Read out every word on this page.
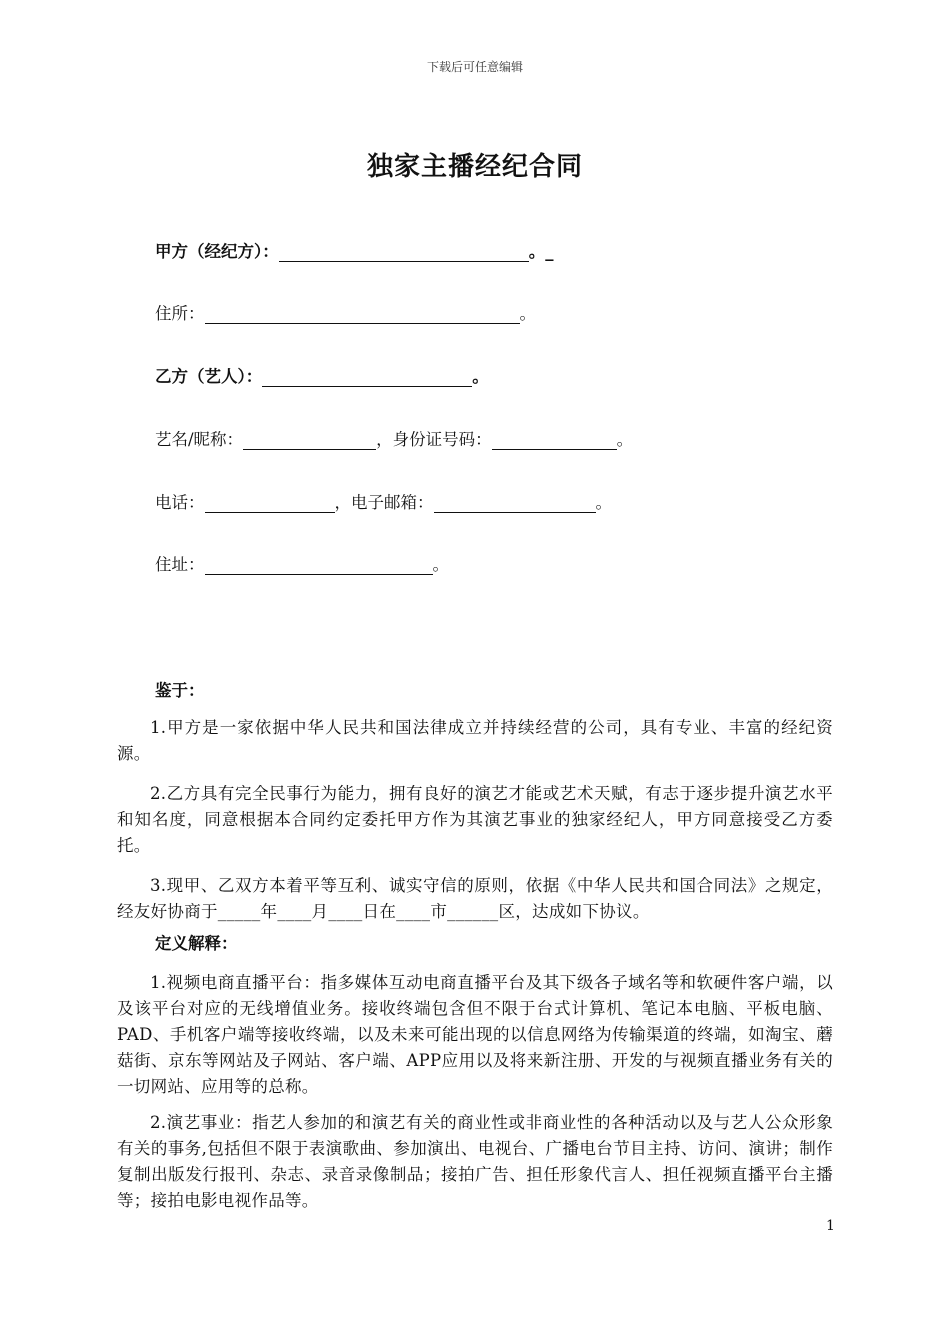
下载后可任意编辑
独家主播经纪合同
甲方（经纪方）：	。_
住所：	。
乙方（艺人）：	。
艺名/昵称：	，身份证号码：	。
电话：	，电子邮箱：	。
住址：	。
鉴于：
1.甲方是一家依据中华人民共和国法律成立并持续经营的公司，具有专业、丰富的经纪资源。
2.乙方具有完全民事行为能力，拥有良好的演艺才能或艺术天赋，有志于逐步提升演艺水平和知名度，同意根据本合同约定委托甲方作为其演艺事业的独家经纪人，甲方同意接受乙方委托。
3.现甲、乙双方本着平等互利、诚实守信的原则，依据《中华人民共和国合同法》之规定，经友好协商于_____年____月____日在____市______区，达成如下协议。
定义解释：
1.视频电商直播平台：指多媒体互动电商直播平台及其下级各子域名等和软硬件客户端，以及该平台对应的无线增值业务。接收终端包含但不限于台式计算机、笔记本电脑、平板电脑、PAD、手机客户端等接收终端，以及未来可能出现的以信息网络为传输渠道的终端，如淘宝、蘑菇街、京东等网站及子网站、客户端、APP应用以及将来新注册、开发的与视频直播业务有关的一切网站、应用等的总称。
2.演艺事业：指艺人参加的和演艺有关的商业性或非商业性的各种活动以及与艺人公众形象有关的事务,包括但不限于表演歌曲、参加演出、电视台、广播电台节目主持、访问、演讲；制作复制出版发行报刊、杂志、录音录像制品；接拍广告、担任形象代言人、担任视频直播平台主播等；接拍电影电视作品等。
1
